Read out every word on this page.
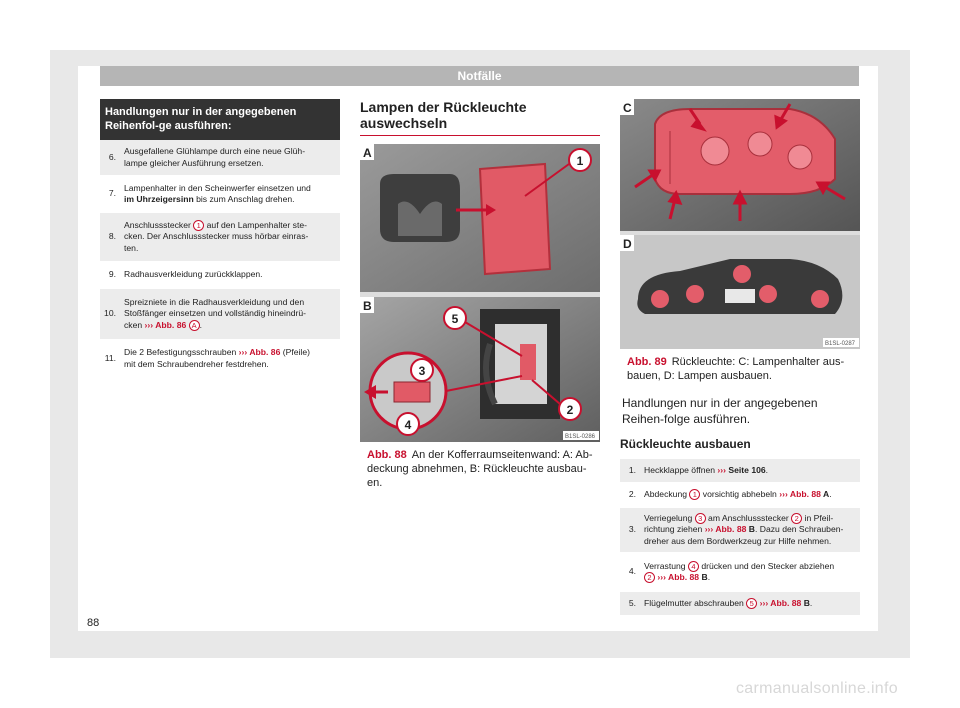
Notfälle
Handlungen nur in der angegebenen Reihenfol-ge ausführen:
6.	Ausgefallene Glühlampe durch eine neue Glüh-
lampe gleicher Ausführung ersetzen.
7.	Lampenhalter in den Scheinwerfer einsetzen und
im Uhrzeigersinn bis zum Anschlag drehen.
8.	Anschlussstecker 1 auf den Lampenhalter ste-
cken. Der Anschlussstecker muss hörbar einras-
ten.
9.	Radhausverkleidung zurückklappen.
10.	Spreizniete in die Radhausverkleidung und den
Stoßfänger einsetzen und vollständig hineindrü-
cken ››› Abb. 86 A .
11.	Die 2 Befestigungsschrauben ››› Abb. 86 (Pfeile)
mit dem Schraubendreher festdrehen.
Lampen der Rückleuchte auswechseln
A
1
B
5
3
2
4
B1SL-0286
Abb. 88 An der Kofferraumseitenwand: A: Ab-deckung abnehmen, B: Rückleuchte ausbau-en.
C
D
B1SL-0287
Abb. 89 Rückleuchte: C: Lampenhalter aus-bauen, D: Lampen ausbauen.
Handlungen nur in der angegebenen Reihen-folge ausführen.
Rückleuchte ausbauen
1.	Heckklappe öffnen ››› Seite 106.
2.	Abdeckung 1 vorsichtig abhebeln ››› Abb. 88 A.
3.	Verriegelung 3 am Anschlussstecker 2 in Pfeil-
richtung ziehen ››› Abb. 88 B. Dazu den Schrauben-
dreher aus dem Bordwerkzeug zur Hilfe nehmen.
4.	Verrastung 4 drücken und den Stecker abziehen
2 ››› Abb. 88 B.
5.	Flügelmutter abschrauben 5 ››› Abb. 88 B.
88
carmanualsonline.info
